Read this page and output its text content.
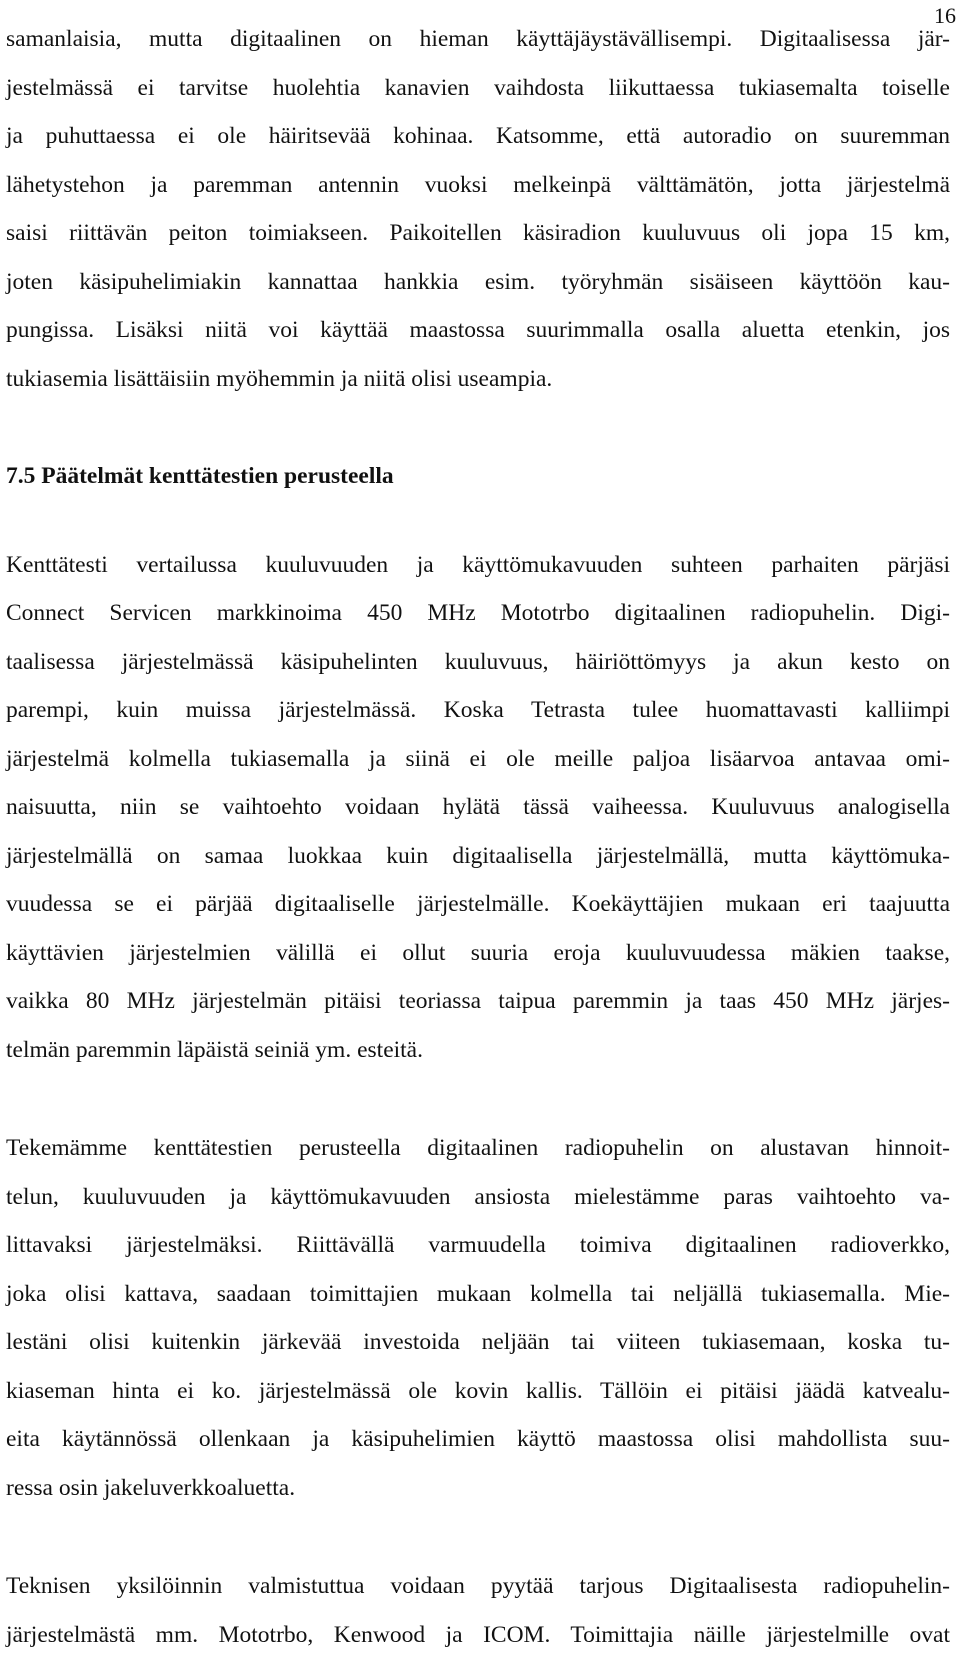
16

samanlaisia, mutta digitaalinen on hieman käyttäjäystävällisempi. Digitaalisessa jär-
jestelmässä ei tarvitse huolehtia kanavien vaihdosta liikuttaessa tukiasemalta toiselle
ja puhuttaessa ei ole häiritsevää kohinaa. Katsomme, että autoradio on suuremman
lähetystehon ja paremman antennin vuoksi melkeinpä välttämätön, jotta järjestelmä
saisi riittävän peiton toimiakseen. Paikoitellen käsiradion kuuluvuus oli jopa 15 km,
joten käsipuhelimiakin kannattaa hankkia esim. työryhmän sisäiseen käyttöön kau-
pungissa. Lisäksi niitä voi käyttää maastossa suurimmalla osalla aluetta etenkin, jos
tukiasemia lisättäisiin myöhemmin ja niitä olisi useampia.

7.5 Päätelmät kenttätestien perusteella

Kenttätesti vertailussa kuuluvuuden ja käyttömukavuuden suhteen parhaiten pärjäsi
Connect Servicen markkinoima 450 MHz Mototrbo digitaalinen radiopuhelin. Digi-
taalisessa järjestelmässä käsipuhelinten kuuluvuus, häiriöttömyys ja akun kesto on
parempi, kuin muissa järjestelmässä. Koska Tetrasta tulee huomattavasti kalliimpi
järjestelmä kolmella tukiasemalla ja siinä ei ole meille paljoa lisäarvoa antavaa omi-
naisuutta, niin se vaihtoehto voidaan hylätä tässä vaiheessa. Kuuluvuus analogisella
järjestelmällä on samaa luokkaa kuin digitaalisella järjestelmällä, mutta käyttömuka-
vuudessa se ei pärjää digitaaliselle järjestelmälle. Koekäyttäjien mukaan eri taajuutta
käyttävien järjestelmien välillä ei ollut suuria eroja kuuluvuudessa mäkien taakse,
vaikka 80 MHz järjestelmän pitäisi teoriassa taipua paremmin ja taas 450 MHz järjes-
telmän paremmin läpäistä seiniä ym. esteitä.

Tekemämme kenttätestien perusteella digitaalinen radiopuhelin on alustavan hinnoit-
telun, kuuluvuuden ja käyttömukavuuden ansiosta mielestämme paras vaihtoehto va-
littavaksi järjestelmäksi. Riittävällä varmuudella toimiva digitaalinen radioverkko,
joka olisi kattava, saadaan toimittajien mukaan kolmella tai neljällä tukiasemalla. Mie-
lestäni olisi kuitenkin järkevää investoida neljään tai viiteen tukiasemaan, koska tu-
kiaseman hinta ei ko. järjestelmässä ole kovin kallis. Tällöin ei pitäisi jäädä katvealu-
eita käytännössä ollenkaan ja käsipuhelimien käyttö maastossa olisi mahdollista suu-
ressa osin jakeluverkkoaluetta.

Teknisen yksilöinnin valmistuttua voidaan pyytää tarjous Digitaalisesta radiopuhelin-
järjestelmästä mm. Mototrbo, Kenwood ja ICOM. Toimittajia näille järjestelmille ovat
